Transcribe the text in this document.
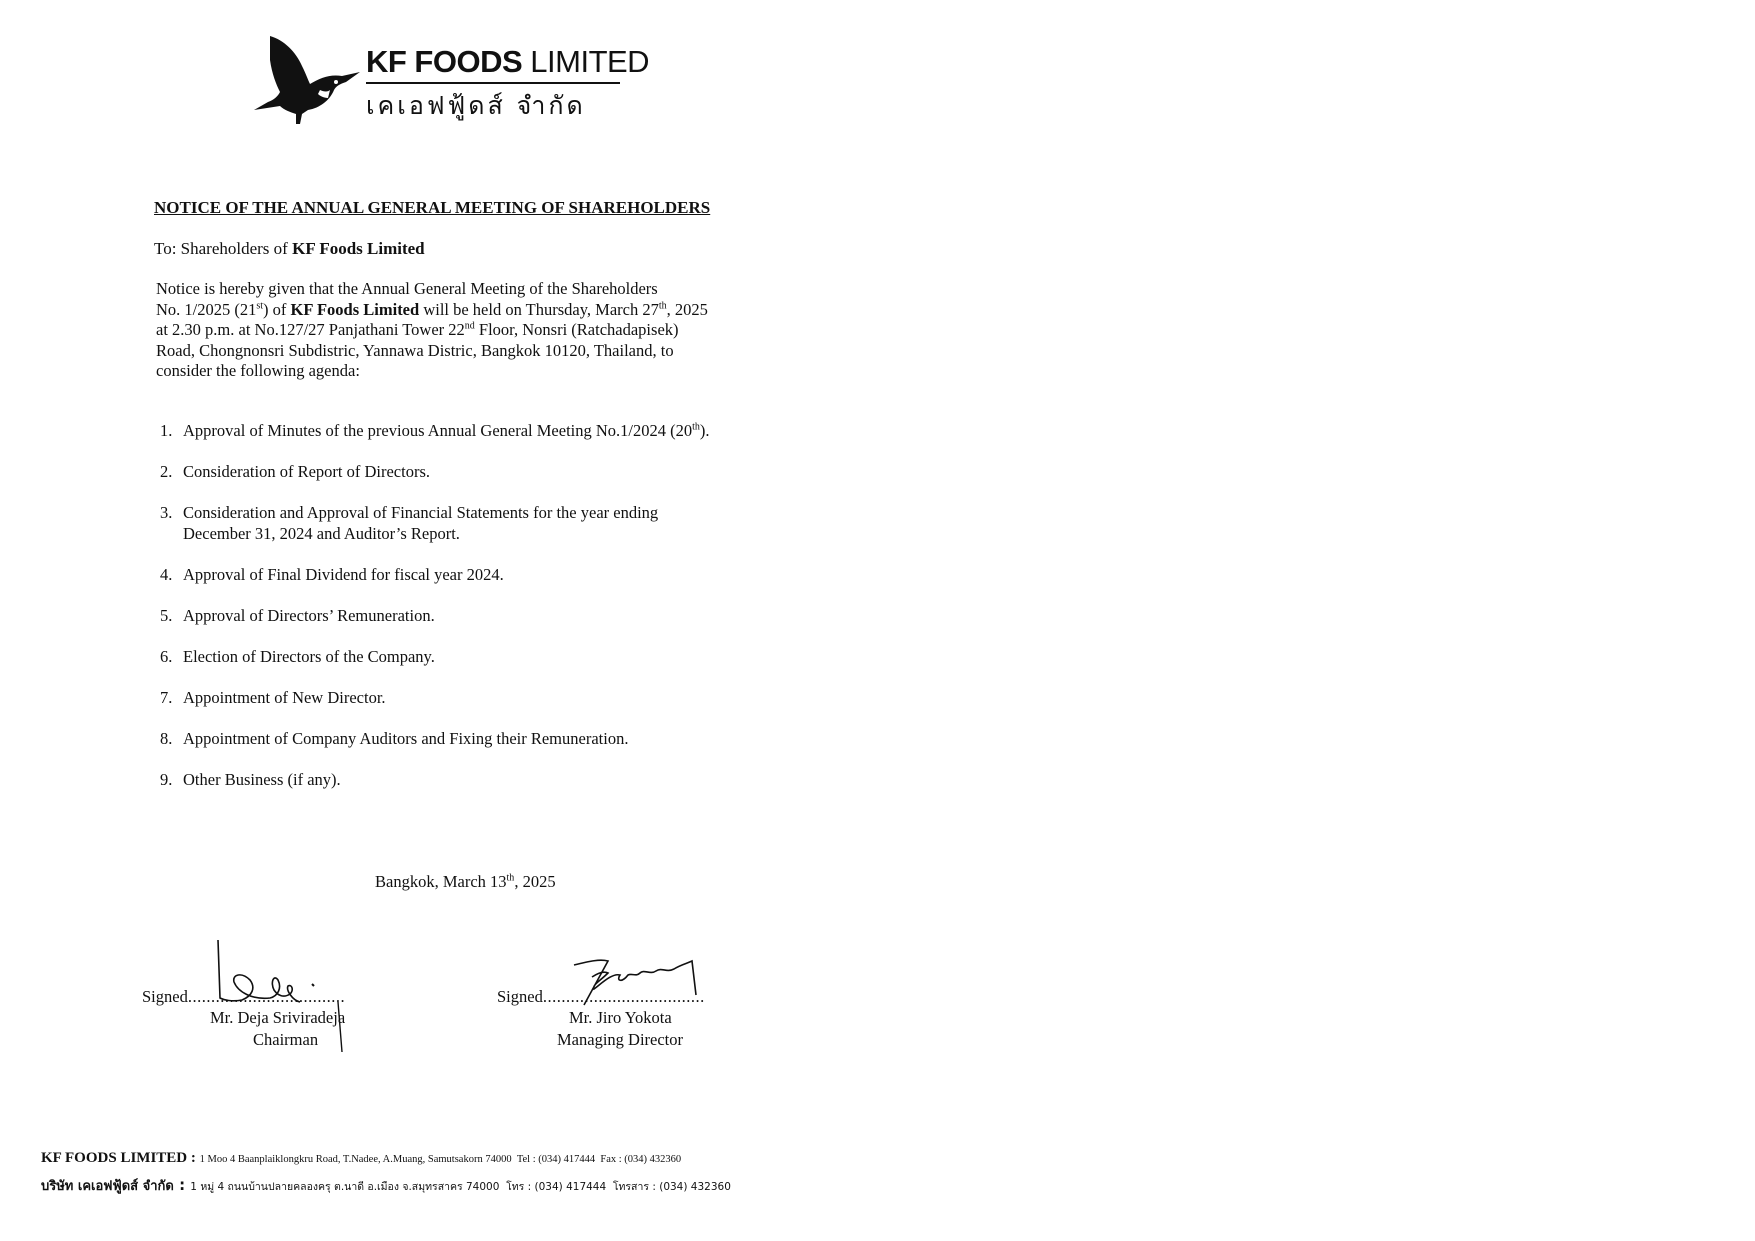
KF FOODS LIMITED
เคเอฟฟู้ดส์ จำกัด
NOTICE OF THE ANNUAL GENERAL MEETING OF SHAREHOLDERS
To: Shareholders of KF Foods Limited
Notice is hereby given that the Annual General Meeting of the Shareholders
No. 1/2025 (21st) of KF Foods Limited will be held on Thursday, March 27th, 2025
at 2.30 p.m. at No.127/27 Panjathani Tower 22nd Floor, Nonsri (Ratchadapisek)
Road, Chongnonsri Subdistric, Yannawa Distric, Bangkok 10120, Thailand, to
consider the following agenda:
1. Approval of Minutes of the previous Annual General Meeting No.1/2024 (20th).
2. Consideration of Report of Directors.
3. Consideration and Approval of Financial Statements for the year ending
December 31, 2024 and Auditor’s Report.
4. Approval of Final Dividend for fiscal year 2024.
5. Approval of Directors’ Remuneration.
6. Election of Directors of the Company.
7. Appointment of New Director.
8. Appointment of Company Auditors and Fixing their Remuneration.
9. Other Business (if any).
Bangkok, March 13th, 2025
Signed..................................
Mr. Deja Sriviradeja
Chairman
Signed...................................
Mr. Jiro Yokota
Managing Director
KF FOODS LIMITED : 1 Moo 4 Baanplaiklongkru Road, T.Nadee, A.Muang, Samutsakorn 74000 Tel : (034) 417444 Fax : (034) 432360
บริษัท เคเอฟฟู้ดส์ จำกัด : 1 หมู่ 4 ถนนบ้านปลายคลองครุ ต.นาดี อ.เมือง จ.สมุทรสาคร 74000 โทร : (034) 417444 โทรสาร : (034) 432360
